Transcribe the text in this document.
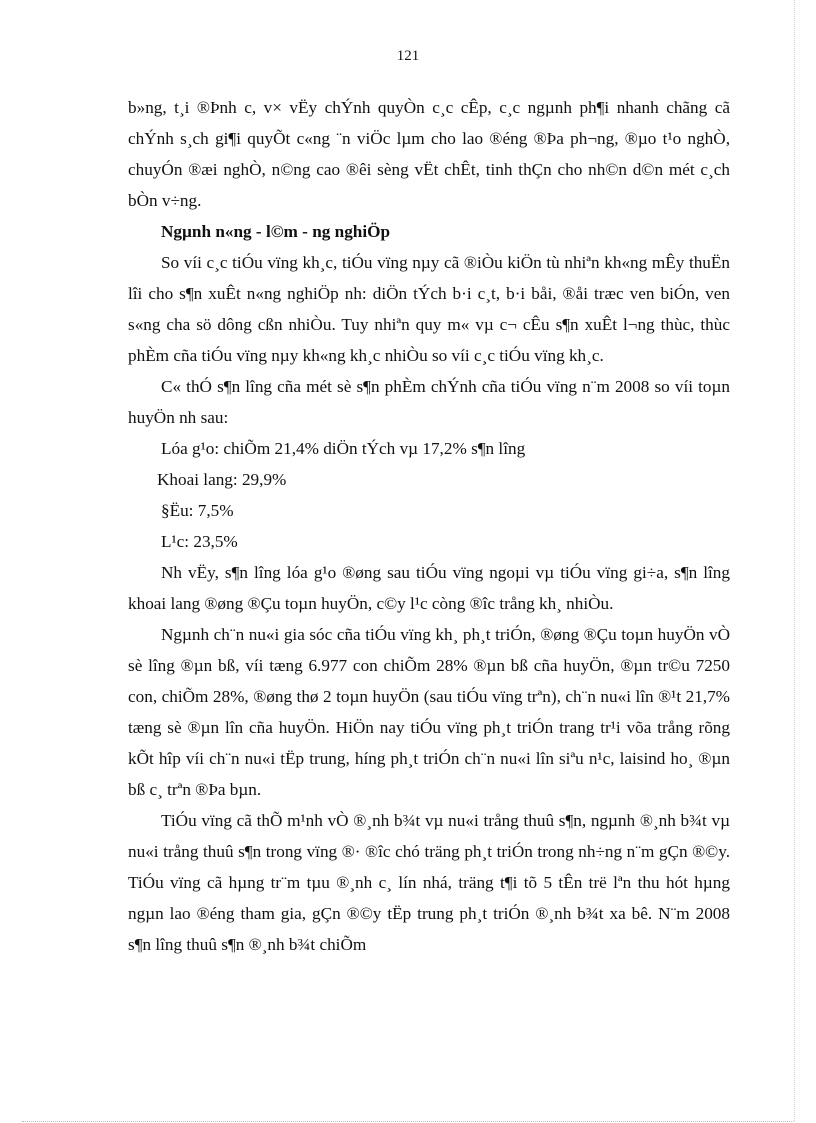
121

b»ng, t¸i ®Þnh c, v× vËy chÝnh quyÒn c¸c cÊp, c¸c ngµnh ph¶i nhanh chãng cã chÝnh s¸ch gi¶i quyÕt c«ng ¨n viÖc lµm cho lao ®éng ®Þa ph¬ng, ®µo t¹o nghÒ, chuyÓn ®æi nghÒ, n©ng cao ®êi sèng vËt chÊt, tinh thÇn cho nh©n d©n mét c¸ch bÒn v÷ng.

Ngµnh n«ng - l©m - ng nghiÖp

So víi c¸c tiÓu vïng kh¸c, tiÓu vïng nµy cã ®iÒu kiÖn tù nhiªn kh«ng mÊy thuËn lîi cho s¶n xuÊt n«ng nghiÖp nh: diÖn tÝch b·i c¸t, b·i båi, ®åi træc ven biÓn, ven s«ng cha sö dông cßn nhiÒu. Tuy nhiªn quy m« vµ c¬ cÊu s¶n xuÊt l¬ng thùc, thùc phÈm cña tiÓu vïng nµy kh«ng kh¸c nhiÒu so víi c¸c tiÓu vïng kh¸c.

C« thÓ s¶n lîng cña mét sè s¶n phÈm chÝnh cña tiÓu vïng n¨m 2008 so víi toµn huyÖn nh sau:

Lóa g¹o: chiÕm 21,4% diÖn tÝch vµ 17,2% s¶n lîng

Khoai lang: 29,9%

§Ëu: 7,5%

L¹c: 23,5%

Nh vËy, s¶n lîng lóa g¹o ®øng sau tiÓu vïng ngoµi vµ tiÓu vïng gi÷a, s¶n lîng khoai lang ®øng ®Çu toµn huyÖn, c©y l¹c còng ®îc trång kh¸ nhiÒu.

Ngµnh ch¨n nu«i gia sóc cña tiÓu vïng kh¸ ph¸t triÓn, ®øng ®Çu toµn huyÖn vÒ sè lîng ®µn bß, víi tæng 6.977 con chiÕm 28% ®µn bß cña huyÖn, ®µn tr©u 7250 con, chiÕm 28%, ®øng thø 2 toµn huyÖn (sau tiÓu vïng trªn), ch¨n nu«i lîn ®¹t 21,7% tæng sè ®µn lîn cña huyÖn. HiÖn nay tiÓu vïng ph¸t triÓn trang tr¹i võa trång rõng kÕt hîp víi ch¨n nu«i tËp trung, híng ph¸t triÓn ch¨n nu«i lîn siªu n¹c, laisind ho¸ ®µn bß c¸ trªn ®Þa bµn.

TiÓu vïng cã thÕ m¹nh vÒ ®¸nh b¾t vµ nu«i trång thuû s¶n, ngµnh ®¸nh b¾t vµ nu«i trång thuû s¶n trong vïng ®· ®îc chó träng ph¸t triÓn trong nh÷ng n¨m gÇn ®©y. TiÓu vïng cã hµng tr¨m tµu ®¸nh c¸ lín nhá, träng t¶i tõ 5 tÊn trë lªn thu hót hµng ngµn lao ®éng tham gia, gÇn ®©y tËp trung ph¸t triÓn ®¸nh b¾t xa bê. N¨m 2008 s¶n lîng thuû s¶n ®¸nh b¾t chiÕm
